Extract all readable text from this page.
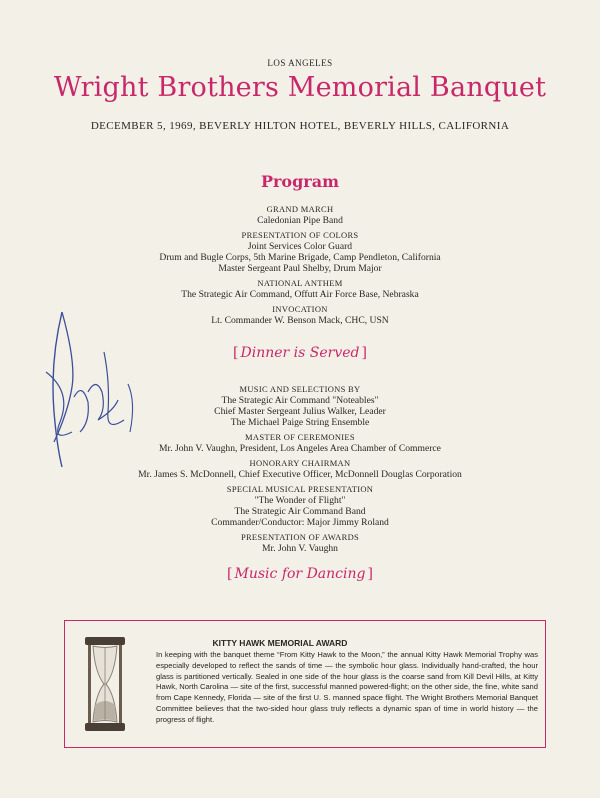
LOS ANGELES
Wright Brothers Memorial Banquet
DECEMBER 5, 1969, BEVERLY HILTON HOTEL, BEVERLY HILLS, CALIFORNIA
Program
GRAND MARCH
Caledonian Pipe Band
PRESENTATION OF COLORS
Joint Services Color Guard
Drum and Bugle Corps, 5th Marine Brigade, Camp Pendleton, California
Master Sergeant Paul Shelby, Drum Major
NATIONAL ANTHEM
The Strategic Air Command, Offutt Air Force Base, Nebraska
INVOCATION
Lt. Commander W. Benson Mack, CHC, USN
[ Dinner is Served ]
MUSIC AND SELECTIONS BY
The Strategic Air Command "Noteables"
Chief Master Sergeant Julius Walker, Leader
The Michael Paige String Ensemble
MASTER OF CEREMONIES
Mr. John V. Vaughn, President, Los Angeles Area Chamber of Commerce
HONORARY CHAIRMAN
Mr. James S. McDonnell, Chief Executive Officer, McDonnell Douglas Corporation
SPECIAL MUSICAL PRESENTATION
"The Wonder of Flight"
The Strategic Air Command Band
Commander/Conductor: Major Jimmy Roland
PRESENTATION OF AWARDS
Mr. John V. Vaughn
[ Music for Dancing ]
KITTY HAWK MEMORIAL AWARD
In keeping with the banquet theme “From Kitty Hawk to the Moon,” the annual Kitty Hawk Memorial Trophy was especially developed to reflect the sands of time — the symbolic hour glass. Individually hand-crafted, the hour glass is partitioned vertically. Sealed in one side of the hour glass is the coarse sand from Kill Devil Hills, at Kitty Hawk, North Carolina — site of the first, successful manned powered-flight; on the other side, the fine, white sand from Cape Kennedy, Florida — site of the first U. S. manned space flight. The Wright Brothers Memorial Banquet Committee believes that the two-sided hour glass truly reflects a dynamic span of time in world history — the progress of flight.
